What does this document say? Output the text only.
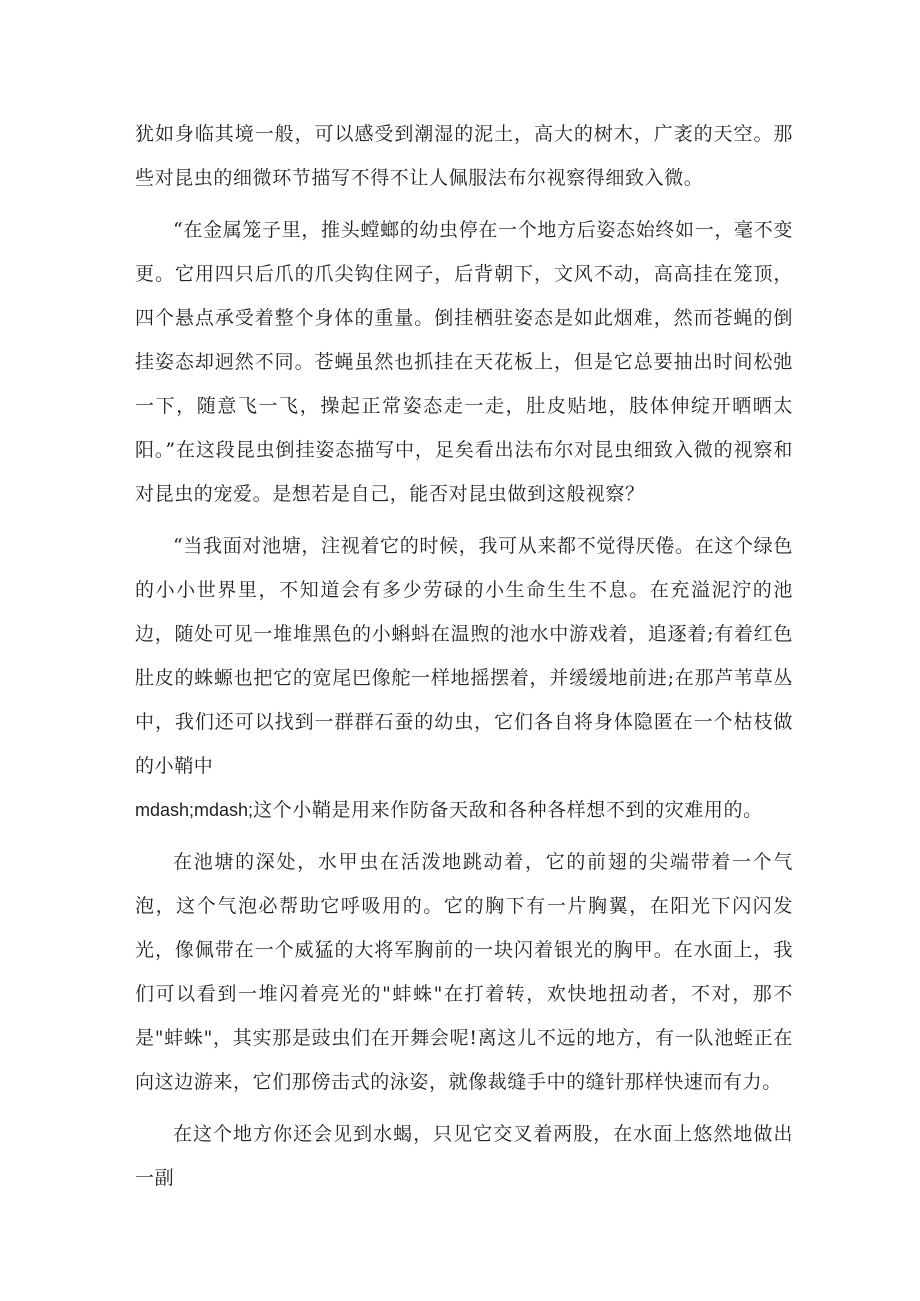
犹如身临其境一般，可以感受到潮湿的泥土，高大的树木，广袤的天空。那些对昆虫的细微环节描写不得不让人佩服法布尔视察得细致入微。

“在金属笼子里，推头螳螂的幼虫停在一个地方后姿态始终如一，毫不变更。它用四只后爪的爪尖钩住网子，后背朝下，文风不动，高高挂在笼顶，四个悬点承受着整个身体的重量。倒挂栖驻姿态是如此烟难，然而苍蝇的倒挂姿态却迥然不同。苍蝇虽然也抓挂在天花板上，但是它总要抽出时间松弛一下，随意飞一飞，操起正常姿态走一走，肚皮贴地，肢体伸绽开晒晒太阳。”在这段昆虫倒挂姿态描写中，足矣看出法布尔对昆虫细致入微的视察和对昆虫的宠爱。是想若是自己，能否对昆虫做到这般视察？

“当我面对池塘，注视着它的时候，我可从来都不觉得厌倦。在这个绿色的小小世界里，不知道会有多少劳碌的小生命生生不息。在充溢泥泞的池边，随处可见一堆堆黑色的小蝌蚪在温煦的池水中游戏着，追逐着;有着红色肚皮的蛛螈也把它的宽尾巴像舵一样地摇摆着，并缓缓地前进;在那芦苇草丛中，我们还可以找到一群群石蚕的幼虫，它们各自将身体隐匿在一个枯枝做的小鞘中

mdash;mdash;这个小鞘是用来作防备天敌和各种各样想不到的灾难用的。

在池塘的深处，水甲虫在活泼地跳动着，它的前翅的尖端带着一个气泡，这个气泡必帮助它呼吸用的。它的胸下有一片胸翼，在阳光下闪闪发光，像佩带在一个威猛的大将军胸前的一块闪着银光的胸甲。在水面上，我们可以看到一堆闪着亮光的"蚌蛛"在打着转，欢快地扭动者，不对，那不是"蚌蛛"，其实那是豉虫们在开舞会呢!离这儿不远的地方，有一队池蛭正在向这边游来，它们那傍击式的泳姿，就像裁缝手中的缝针那样快速而有力。

在这个地方你还会见到水蝎，只见它交叉着两股，在水面上悠然地做出一副
